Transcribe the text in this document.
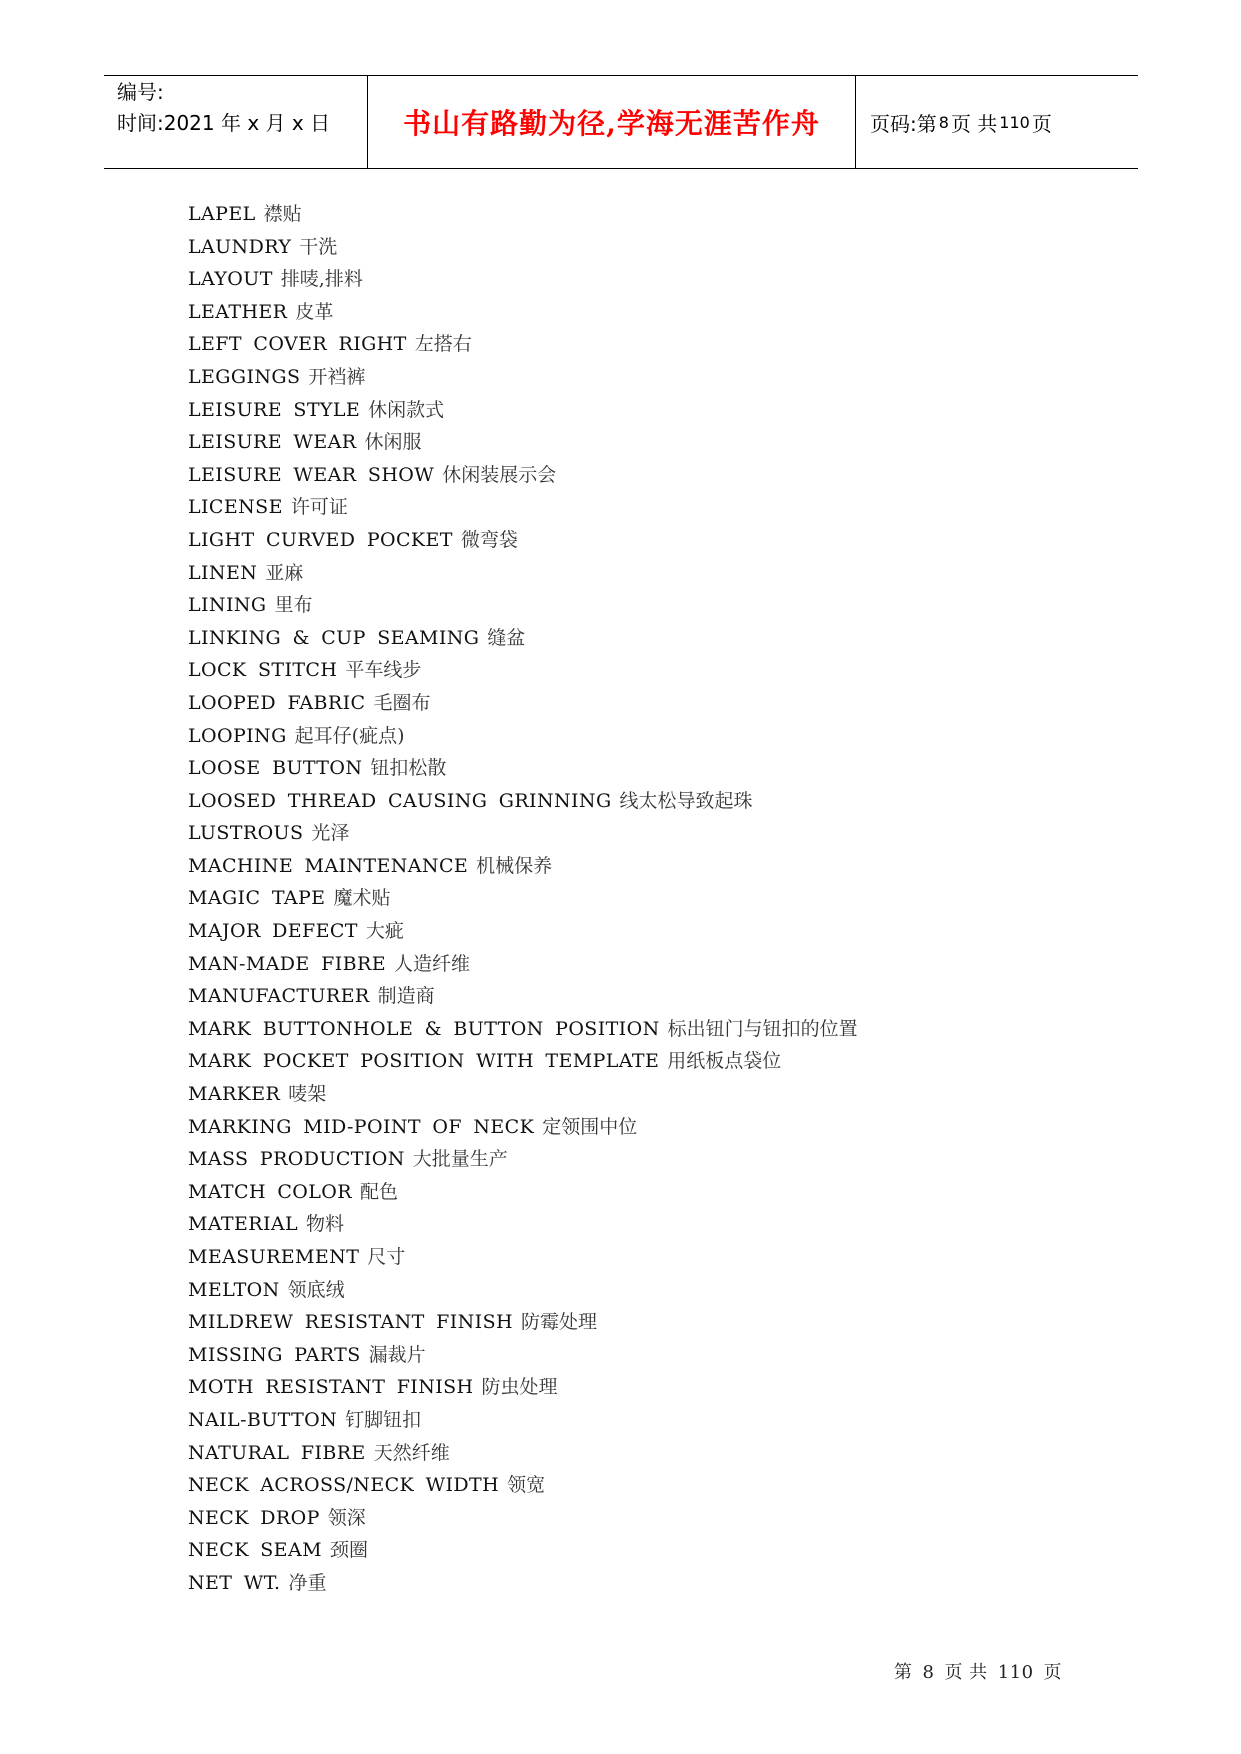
编号:
时间:2021 年 x 月 x 日	书山有路勤为径,学海无涯苦作舟	页码:第 8 页 共 110 页
LAPEL 襟贴
LAUNDRY 干洗
LAYOUT 排唛,排料
LEATHER 皮革
LEFT COVER RIGHT 左搭右
LEGGINGS 开裆裤
LEISURE STYLE 休闲款式
LEISURE WEAR 休闲服
LEISURE WEAR SHOW 休闲装展示会
LICENSE 许可证
LIGHT CURVED POCKET 微弯袋
LINEN 亚麻
LINING 里布
LINKING & CUP SEAMING 缝盆
LOCK STITCH 平车线步
LOOPED FABRIC 毛圈布
LOOPING 起耳仔(疵点)
LOOSE BUTTON 钮扣松散
LOOSED THREAD CAUSING GRINNING 线太松导致起珠
LUSTROUS 光泽
MACHINE MAINTENANCE 机械保养
MAGIC TAPE 魔术贴
MAJOR DEFECT 大疵
MAN-MADE FIBRE 人造纤维
MANUFACTURER 制造商
MARK BUTTONHOLE & BUTTON POSITION 标出钮门与钮扣的位置
MARK POCKET POSITION WITH TEMPLATE 用纸板点袋位
MARKER 唛架
MARKING MID-POINT OF NECK 定领围中位
MASS PRODUCTION 大批量生产
MATCH COLOR 配色
MATERIAL 物料
MEASUREMENT 尺寸
MELTON 领底绒
MILDREW RESISTANT FINISH 防霉处理
MISSING PARTS 漏裁片
MOTH RESISTANT FINISH 防虫处理
NAIL-BUTTON 钉脚钮扣
NATURAL FIBRE 天然纤维
NECK ACROSS/NECK WIDTH 领宽
NECK DROP 领深
NECK SEAM 颈圈
NET WT. 净重
第 8 页 共 110 页
